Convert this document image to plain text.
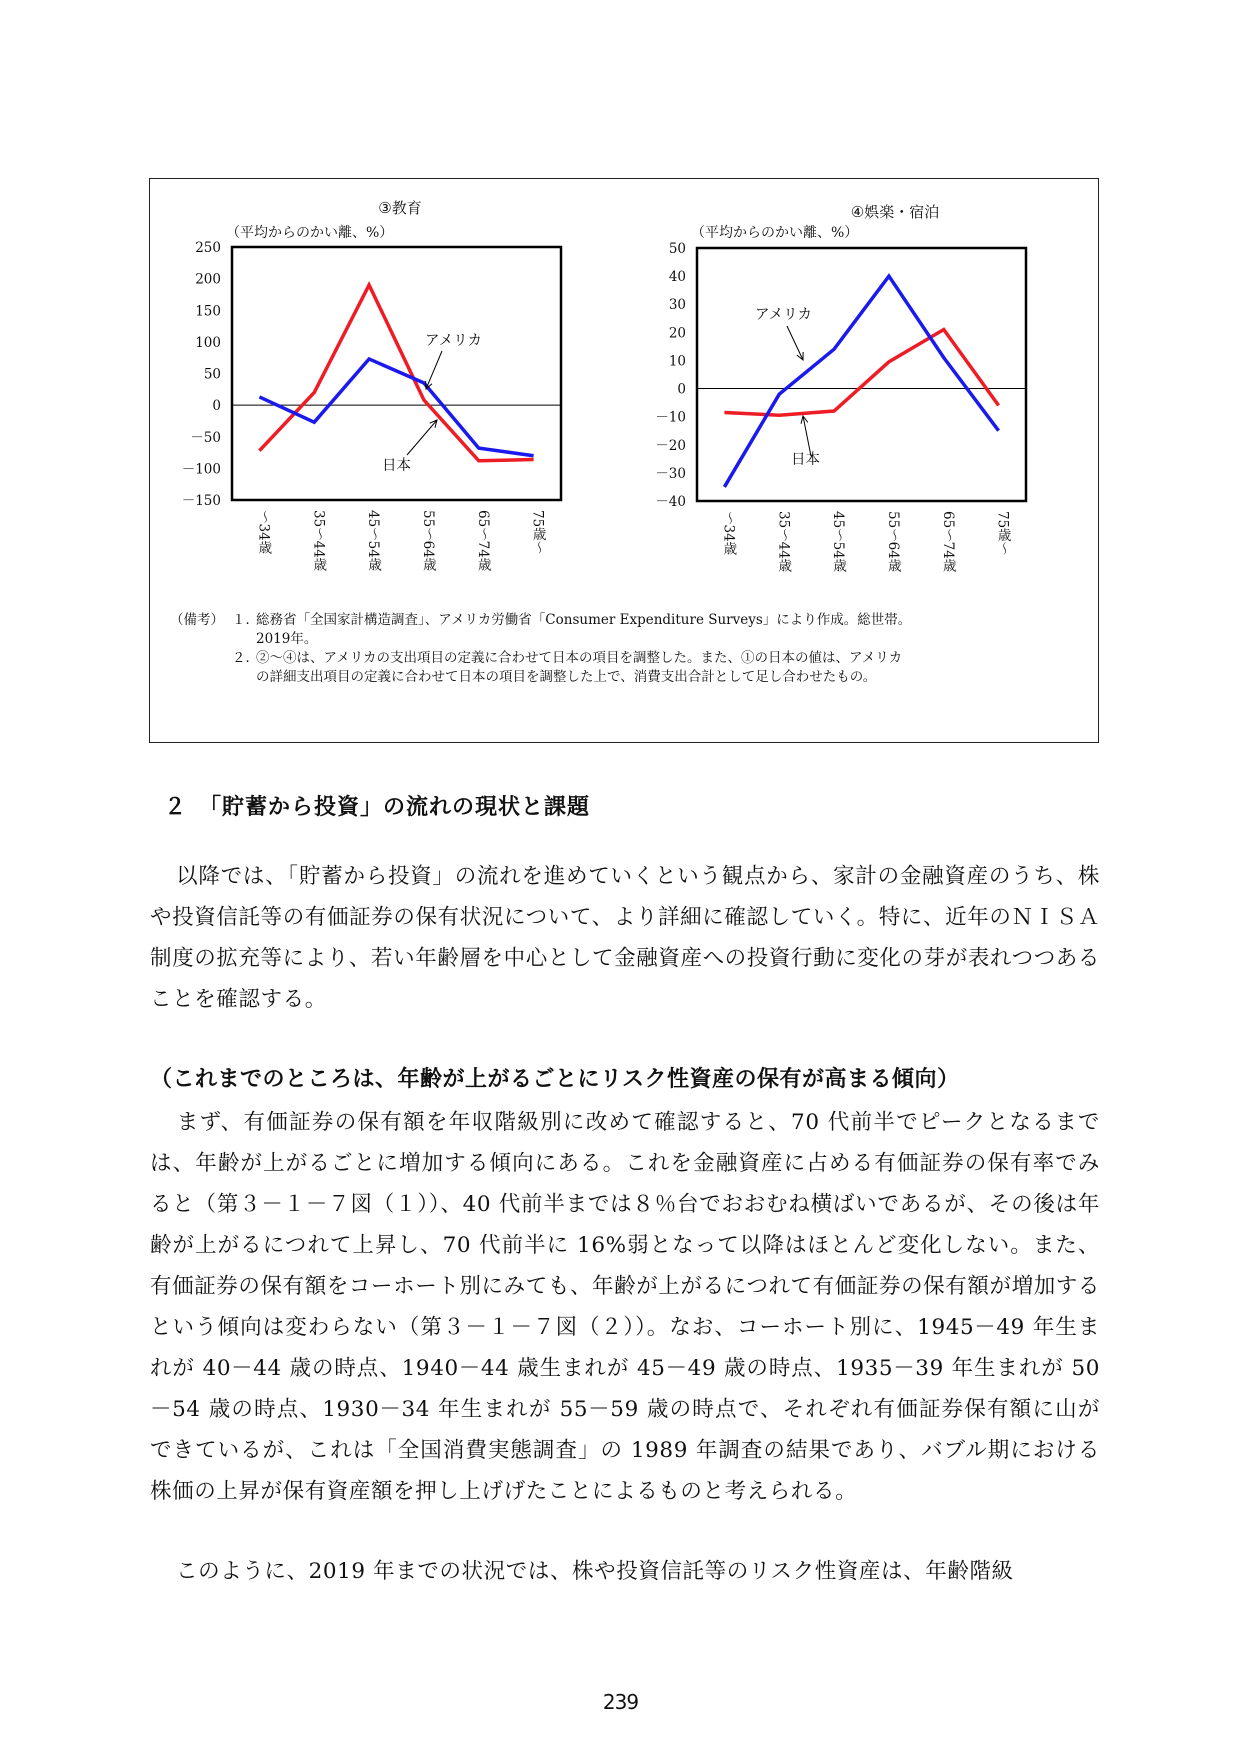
③教育
（平均からのかい離、%）
250
200
150
100
50
0
－50
－100
－150
～34歳	35～44歳	45～54歳	55～64歳	65～74歳	75歳～
アメリカ
日本
④娯楽・宿泊
（平均からのかい離、%）
50
40
30
20
10
0
－10
－20
－30
－40
～34歳	35～44歳	45～54歳	55～64歳	65～74歳	75歳～
アメリカ
日本
（備考） １．
総務省「全国家計構造調査」、アメリカ労働省「Consumer Expenditure Surveys」により作成。総世帯。
2019年。
２．
②～④は、アメリカの支出項目の定義に合わせて日本の項目を調整した。また、①の日本の値は、アメリカ
の詳細支出項目の定義に合わせて日本の項目を調整した上で、消費支出合計として足し合わせたもの。
２　「貯蓄から投資」の流れの現状と課題

以降では、「貯蓄から投資」の流れを進めていくという観点から、家計の金融資産のうち、株や投資信託等の有価証券の保有状況について、より詳細に確認していく。特に、近年のＮＩＳＡ制度の拡充等により、若い年齢層を中心として金融資産への投資行動に変化の芽が表れつつあることを確認する。

（これまでのところは、年齢が上がるごとにリスク性資産の保有が高まる傾向）

まず、有価証券の保有額を年収階級別に改めて確認すると、70 代前半でピークとなるまでは、年齢が上がるごとに増加する傾向にある。これを金融資産に占める有価証券の保有率でみると（第３－１－７図（１））、40 代前半までは８％台でおおむね横ばいであるが、その後は年齢が上がるにつれて上昇し、70 代前半に 16%弱となって以降はほとんど変化しない。また、有価証券の保有額をコーホート別にみても、年齢が上がるにつれて有価証券の保有額が増加するという傾向は変わらない（第３－１－７図（２））。なお、コーホート別に、1945－49 年生まれが 40－44 歳の時点、1940－44 歳生まれが 45－49 歳の時点、1935－39 年生まれが 50－54 歳の時点、1930－34 年生まれが 55－59 歳の時点で、それぞれ有価証券保有額に山ができているが、これは「全国消費実態調査」の 1989 年調査の結果であり、バブル期における株価の上昇が保有資産額を押し上げげたことによるものと考えられる。

このように、2019 年までの状況では、株や投資信託等のリスク性資産は、年齢階級

239
